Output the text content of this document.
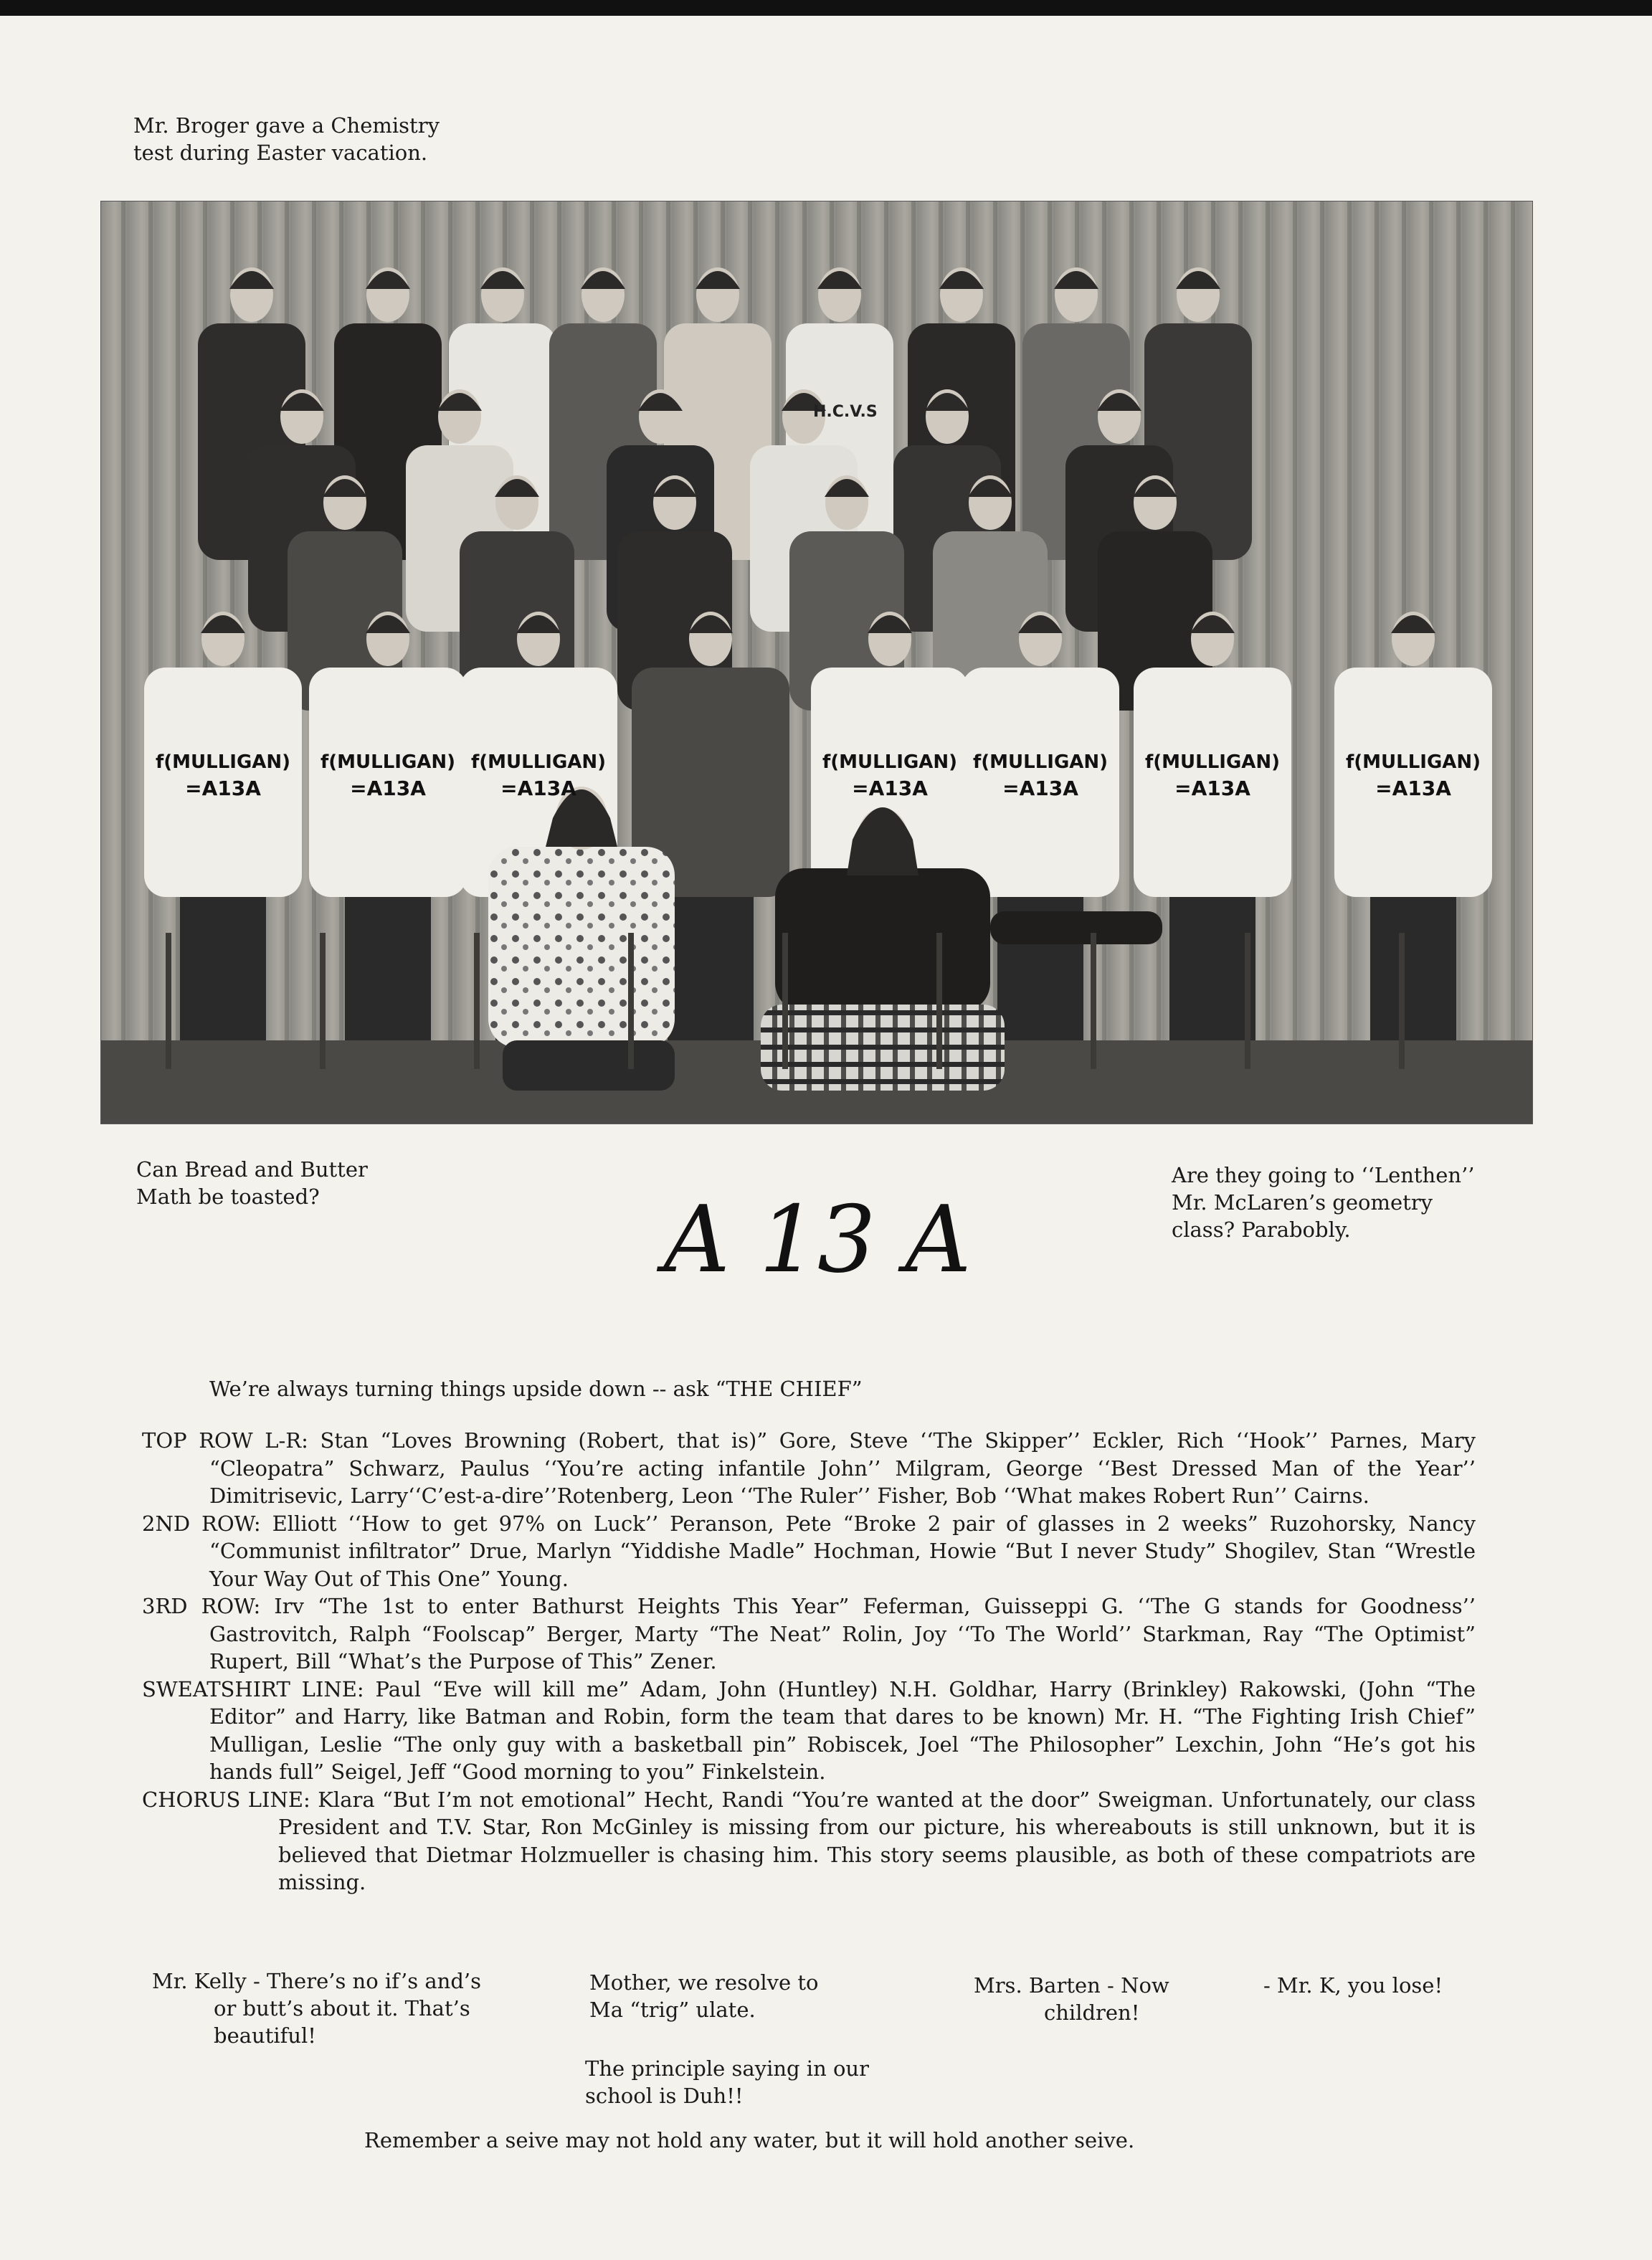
Mr. Broger gave a Chemistry
test during Easter vacation.
f(MULLIGAN)
=A13A
f(MULLIGAN)
=A13A
f(MULLIGAN)
=A13A
f(MULLIGAN)
=A13A
f(MULLIGAN)
=A13A
f(MULLIGAN)
=A13A
f(MULLIGAN)
=A13A
H.C.V.S
Can Bread and Butter
Math be toasted?	A 13 A
Are they going to ‘‘Lenthen’’
Mr. McLaren’s geometry
class? Parabobly.
We’re always turning things upside down -- ask “THE CHIEF”

TOP ROW L-R: Stan “Loves Browning (Robert, that is)” Gore, Steve ‘‘The Skipper’’ Eckler, Rich ‘‘Hook’’ Parnes, Mary “Cleopatra” Schwarz, Paulus ‘‘You’re acting infantile John’’ Milgram, George ‘‘Best Dressed Man of the Year’’ Dimitrisevic, Larry‘‘C’est-a-dire’’Rotenberg, Leon ‘‘The Ruler’’ Fisher, Bob ‘‘What makes Robert Run’’ Cairns.

2ND ROW: Elliott ‘‘How to get 97% on Luck’’ Peranson, Pete “Broke 2 pair of glasses in 2 weeks” Ruzohorsky, Nancy “Communist infiltrator” Drue, Marlyn “Yiddishe Madle” Hochman, Howie “But I never Study” Shogilev, Stan “Wrestle Your Way Out of This One” Young.

3RD ROW: Irv “The 1st to enter Bathurst Heights This Year” Feferman, Guisseppi G. ‘‘The G stands for Goodness’’ Gastrovitch, Ralph “Foolscap” Berger, Marty “The Neat” Rolin, Joy ‘‘To The World’’ Starkman, Ray “The Optimist” Rupert, Bill “What’s the Purpose of This” Zener.

SWEATSHIRT LINE: Paul “Eve will kill me” Adam, John (Huntley) N.H. Goldhar, Harry (Brinkley) Rakowski, (John “The Editor” and Harry, like Batman and Robin, form the team that dares to be known) Mr. H. “The Fighting Irish Chief” Mulligan, Leslie “The only guy with a basketball pin” Robiscek, Joel “The Philosopher” Lexchin, John “He’s got his hands full” Seigel, Jeff “Good morning to you” Finkelstein.

CHORUS LINE: Klara “But I’m not emotional” Hecht, Randi “You’re wanted at the door” Sweigman. Unfortunately, our class President and T.V. Star, Ron McGinley is missing from our picture, his whereabouts is still unknown, but it is believed that Dietmar Holzmueller is chasing him. This story seems plausible, as both of these compatriots are missing.

Mr. Kelly - There’s no if’s and’s
or butt’s about it. That’s
beautiful!
Mother, we resolve to
Ma “trig” ulate.
The principle saying in our
school is Duh!!
Mrs. Barten - Now
children!
- Mr. K, you lose!
Remember a seive may not hold any water, but it will hold another seive.
